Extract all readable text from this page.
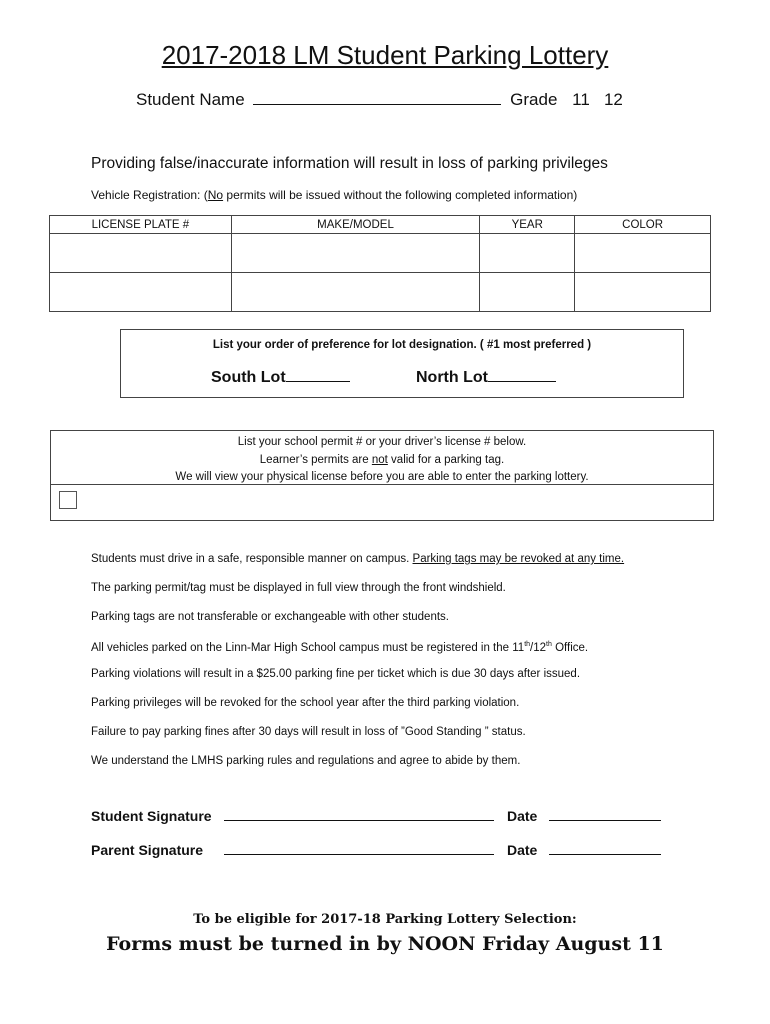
2017-2018 LM Student Parking Lottery
Student Name	Grade 11   12
Providing false/inaccurate information will result in loss of parking privileges
Vehicle Registration: (No permits will be issued without the following completed information)
LICENSE PLATE #	MAKE/MODEL	YEAR	COLOR

List your order of preference for lot designation. ( #1 most preferred )
South Lot	North Lot
List your school permit # or your driver’s license # below.
Learner’s permits are not valid for a parking tag.
We will view your physical license before you are able to enter the parking lottery.
Students must drive in a safe, responsible manner on campus. Parking tags may be revoked at any time.
The parking permit/tag must be displayed in full view through the front windshield.
Parking tags are not transferable or exchangeable with other students.
All vehicles parked on the Linn-Mar High School campus must be registered in the 11th/12th Office.
Parking violations will result in a $25.00 parking fine per ticket which is due 30 days after issued.
Parking privileges will be revoked for the school year after the third parking violation.
Failure to pay parking fines after 30 days will result in loss of ”Good Standing ” status.
We understand the LMHS parking rules and regulations and agree to abide by them.
Student Signature	Date
Parent Signature	Date
To be eligible for 2017-18 Parking Lottery Selection:
Forms must be turned in by NOON Friday August 11
